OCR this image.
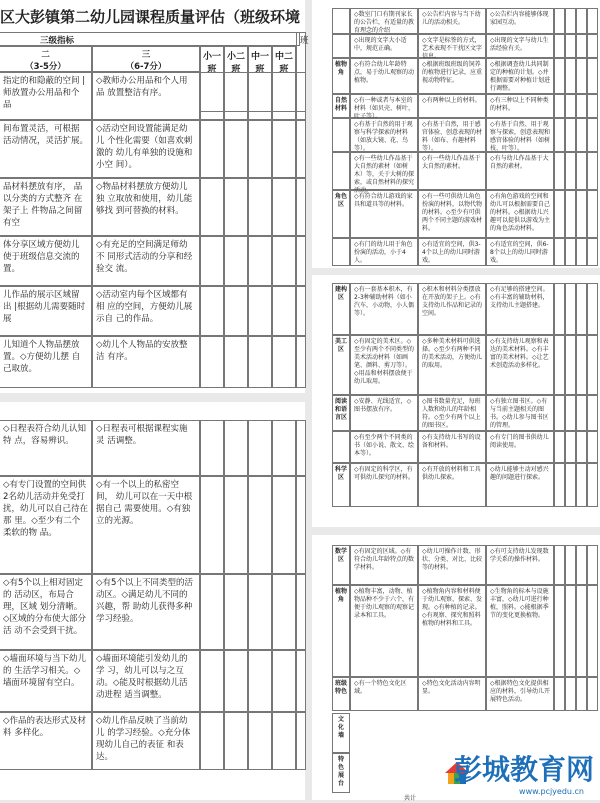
区大彭镇第二幼儿园课程质量评估（班级环境
三级指标
二
（3-5分）
三
（6-7分）
小一班
小二班
中一班
中二班
班
指定的和隐蔽的空间 |师放置办公用品和个 品
◇教师办公用品和个人用品 放置整洁有序。
间布置灵活，可根据 活动情况，灵活扩展。
◇活动空间设置能满足幼儿 个性化需要（如喜欢刺激的 幼儿有单独的设施和小空 间）。
品材料摆放有序， 品以分类的方式整齐 在架子上 件物品之间留有空
◇物品材料摆放方便幼儿独 立取放和使用，幼儿能够找 到可替换的材料。
体分享区域方便幼儿 使于班级信息交流的 置。
◇有充足的空间满足师幼不 同形式活动的分享和经验交 流。
儿作品的展示区域留 出 |根据幼儿需要随时展
◇活动室内每个区域都有相 应的空间，方便幼儿展示自 己的作品。
儿知道个人物品摆放 置。◇方便幼儿摆 自己取放。
◇幼儿个人物品的安放整洁 有序。
◇日程表符合幼儿认知特 点，容易辨识。
◇日程表可根据课程实施灵 活调整。
◇有专门设置的空间供 2名幼儿活动并免受打 扰，幼儿可以自己待在那 里。◇至少有二个柔软的物 品。
◇有一个以上的私密空间， 幼儿可以在一天中根据自己 需要使用。◇有独立的光源。
◇有5个以上相对固定的 活动区，布局合理，区域 划分清晰。◇区域的分布使大部分活 动不会受到干扰。
◇有5个以上不同类型的活 动区。◇满足幼儿不同的兴趣，帮 助幼儿获得多种学习经验。
◇墙面环境与当下幼儿的 生活学习相关。◇墙面环境留有空白。
◇墙面环境能引发幼儿的学 习，幼儿可以与之互动。◇能及时根据幼儿活动进程 适当调整。
◇作品的表达形式及材料 多样化。
◇幼儿作品反映了当前幼儿 的学习经验。◇充分体现幼儿自己的表征 和表达。
◇数室门口有期刊家长的公告栏，有适量的教育理念的介绍
◇公告栏内容与当下幼儿的活动相关。
◇公告栏内容能够体现家园互动。
◇出现的文字大小适中，规范正确。
◇文字是标签的方式，艺术表现不干扰区文字信息。
◇出现的文字与幼儿生活经验有关。
植物角
◇有符合幼儿年龄特点，易于幼儿观察的动植物。
◇根据班级班级的饲养的植物进行记录，应重视动物特征。
◇根据调查幼儿共同制定的种植的计划。◇并根据需要对种植计划进行调整。
自然材料
◇有一种或者与本室的材料（如贝壳、树叶、叶子等）。
◇有两种以上的材料。	◇有三种以上不同种类的材料。
◇有基于自然的用于观察与科学探索的材料（如放大镜、花、鸟等）。
◇有基于自然，用于感官体验、创意表现的材料（如布、有趣材料等）。
◇有基于自然、用于观察与探索，创意表现和感官体验的材料（如树枝、叶等）。
◇有一些幼儿作品基于大自然的素材（如树木）等，关于大树的探索，或自然材料的探究活动。
◇有一些幼儿作品基于大自然的素材。
◇有与幼儿作品基于大自然的素材。
角色区
◇有符合幼儿游戏的家具和道具等的材料。
◇有一些可供幼儿角色扮演的材料，以物代物的材料。◇至少有可供两个不同主题的游戏材料。
◇有角色游戏的空间和幼儿可以根据需要自己的材料。◇根据幼儿兴趣可以提供以游戏为主的角色活动材料。
◇有门的幼儿用于角色扮演的活动，小于4人。
◇有适宜的空间，供3-4个以上的幼儿同时游戏。
◇有适宜的空间，供6-8个以上的幼儿同时游戏。
建构区
◇有一套基本积木，有2-3种辅助材料（如小汽车，小动物，小人偶等）。
◇积木和材料分类摆放在开放的架子上。◇有支持幼儿作品和记录的空间。
◇有足够的搭建空间。◇有丰富的辅助材料，支持幼儿主题搭建。
美工区
◇有固定的美术区。◇至少有两个不同类型的美术活动材料（如画笔、颜料、剪刀等）。◇用品和材料摆放便于幼儿取用。
◇多种美术材料可供选择。◇至少有两种不同的美术活动，方便幼儿的取用。
◇有支持幼儿观察和表达的美术材料。◇有丰富的美术材料。◇让艺术创造活动多样化。
阅读和语言区
◇安静、光线适宜，◇图书摆放有序。
◇图书数量充足，每班人数和幼儿的年龄相符。◇至少有两个以上的图书区。
◇有独立图书区。◇有与当前主题相关的图书。◇幼儿参与图书区的管理。
◇有至少两个不同类的书（如小说、散文、绘本等）。
◇有支持幼儿书写的设备和材料。
◇有专门的图书供幼儿阅读使用。
科学区
◇有固定的科学区，有可供幼儿探究的材料。
◇有开放的材料和工具供幼儿探索。
◇幼儿能够主动对感兴趣的问题进行探索。
数学区
◇有固定的区域。◇有符合幼儿年龄特点的数学材料。
◇幼儿可操作计数、形状、分类、对比、比较等的材料。
◇有可支持幼儿发现数学关系的操作材料。
植物角
◇植物丰富，动物、植物品种不少于六个，有便于幼儿观察的观察记录本和工具。
◇植物角内容和材料便于幼儿观察、探索、发现。◇有种植的记录。◇有观察、探究和照料植物的材料和工具。
◇生物角的标本与设施丰富，◇幼儿可进行种植，照料。◇能根据季节的变化更换植物。
班级特色
◇有一个特色文化区域。
◇特色文化活动内容明显。
◇根据特色文化提供相应的材料，引导幼儿开展特色活动。
文化墙
特色展台
共计
彭城教育网
www.pcjyedu.cn
